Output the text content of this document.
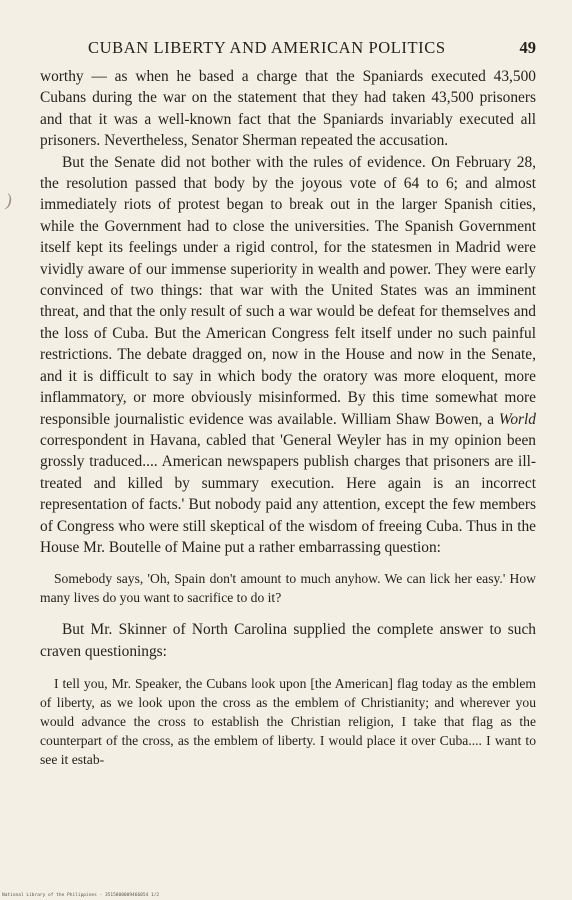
)
CUBAN LIBERTY AND AMERICAN POLITICS	49

worthy — as when he based a charge that the Spaniards executed 43,500 Cubans during the war on the statement that they had taken 43,500 prisoners and that it was a well-known fact that the Spaniards invariably executed all prisoners. Nevertheless, Senator Sherman repeated the accusation.

But the Senate did not bother with the rules of evidence. On February 28, the resolution passed that body by the joyous vote of 64 to 6; and almost immediately riots of protest began to break out in the larger Spanish cities, while the Government had to close the universities. The Spanish Government itself kept its feelings under a rigid control, for the statesmen in Madrid were vividly aware of our immense superiority in wealth and power. They were early convinced of two things: that war with the United States was an imminent threat, and that the only result of such a war would be defeat for themselves and the loss of Cuba. But the American Congress felt itself under no such painful restrictions. The debate dragged on, now in the House and now in the Senate, and it is difficult to say in which body the oratory was more eloquent, more inflammatory, or more obviously misinformed. By this time somewhat more responsible journalistic evidence was available. William Shaw Bowen, a World correspondent in Havana, cabled that 'General Weyler has in my opinion been grossly traduced.... American newspapers publish charges that prisoners are ill-treated and killed by summary execution. Here again is an incorrect representation of facts.' But nobody paid any attention, except the few members of Congress who were still skeptical of the wisdom of freeing Cuba. Thus in the House Mr. Boutelle of Maine put a rather embarrassing question:

Somebody says, 'Oh, Spain don't amount to much anyhow. We can lick her easy.' How many lives do you want to sacrifice to do it?

But Mr. Skinner of North Carolina supplied the complete answer to such craven questionings:

I tell you, Mr. Speaker, the Cubans look upon [the American] flag today as the emblem of liberty, as we look upon the cross as the emblem of Christianity; and wherever you would advance the cross to establish the Christian religion, I take that flag as the counterpart of the cross, as the emblem of liberty. I would place it over Cuba.... I want to see it estab-

National Library of the Philippines · 3515800009466054 1/2
